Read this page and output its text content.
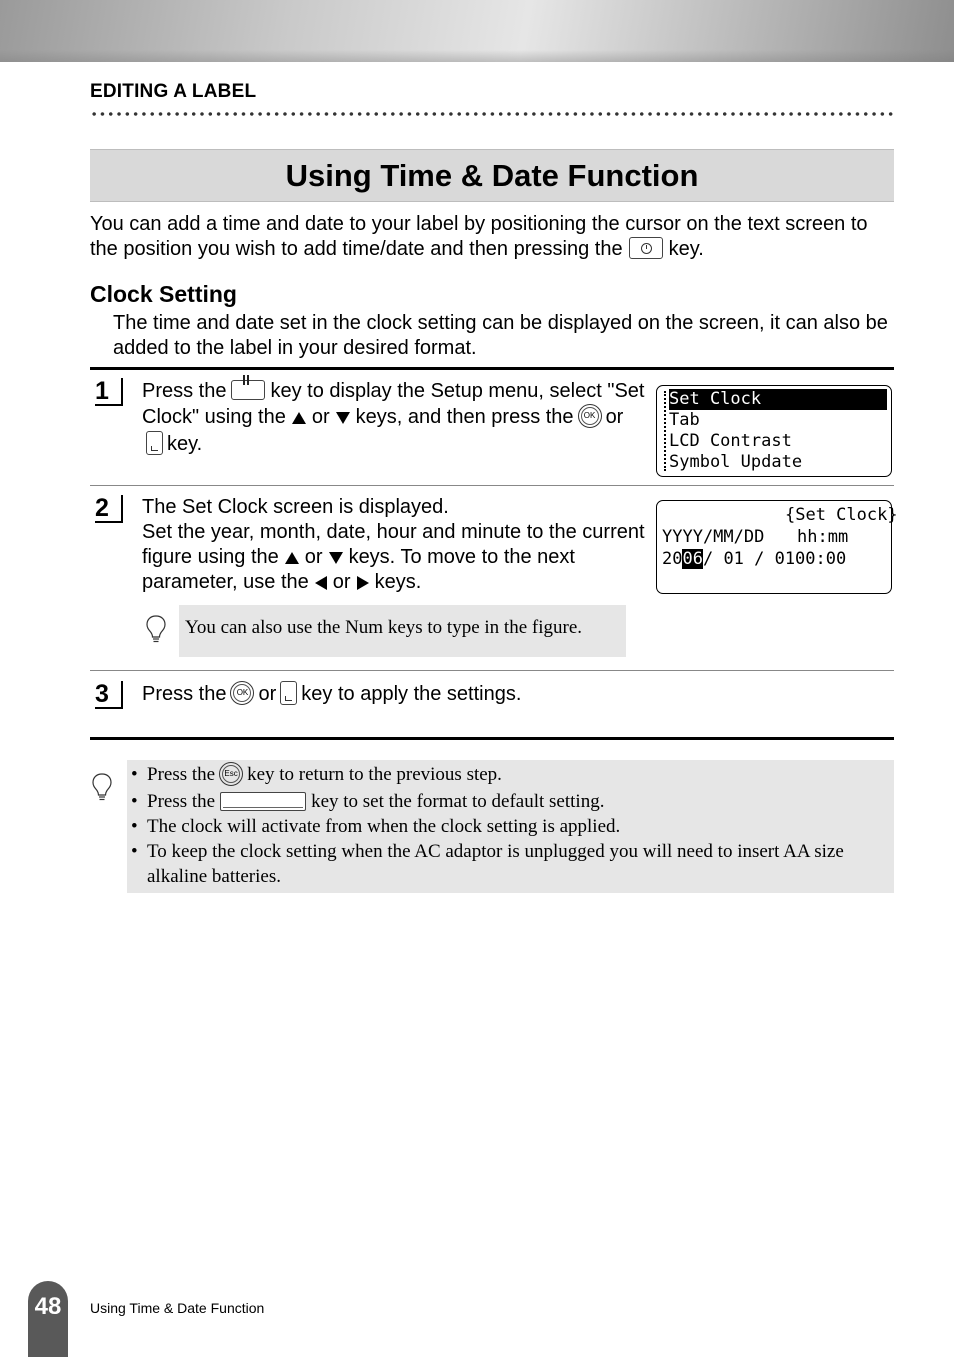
EDITING A LABEL
Using Time & Date Function
You can add a time and date to your label by positioning the cursor on the text screen to the position you wish to add time/date and then pressing the key.
Clock Setting
The time and date set in the clock setting can be displayed on the screen, it can also be added to the label in your desired format.
1	Press the key to display the Setup menu, select "Set Clock" using the or keys, and then press the	OK orkey.
Set Clock
Tab
LCD Contrast
Symbol Update
2	The Set Clock screen is displayed.
Set the year, month, date, hour and minute to the current figure using the or keys. To move to the next parameter, use the or keys.
{Set Clock}
YYYY/MM/DD hh:mm
2006/ 01 / 01 00:00
You can also use the Num keys to type in the figure.
3	Press the	OK or key to apply the settings.
• Press the	Esc key to return to the previous step.
• Press the	key to set the format to default setting.
• The clock will activate from when the clock setting is applied.
• To keep the clock setting when the AC adaptor is unplugged you will need to insert AA size alkaline batteries.
48	Using Time & Date Function
